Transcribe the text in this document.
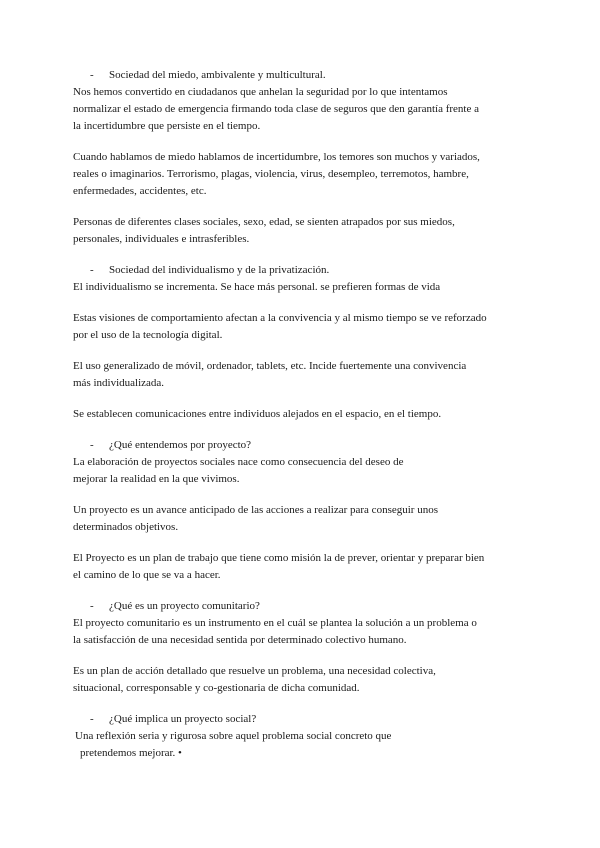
- Sociedad del miedo, ambivalente y multicultural.
Nos hemos convertido en ciudadanos que anhelan la seguridad por lo que intentamos
normalizar el estado de emergencia firmando toda clase de seguros que den garantía frente a
la incertidumbre que persiste en el tiempo.
Cuando hablamos de miedo hablamos de incertidumbre, los temores son muchos y variados,
reales o imaginarios. Terrorismo, plagas, violencia, virus, desempleo, terremotos, hambre,
enfermedades, accidentes, etc.
Personas de diferentes clases sociales, sexo, edad, se sienten atrapados por sus miedos,
personales, individuales e intrasferibles.
- Sociedad del individualismo y de la privatización.
El individualismo se incrementa. Se hace más personal. se prefieren formas de vida
Estas visiones de comportamiento afectan a la convivencia y al mismo tiempo se ve reforzado
por el uso de la tecnología digital.
El uso generalizado de móvil, ordenador, tablets, etc. Incide fuertemente una convivencia
más individualizada.
Se establecen comunicaciones entre individuos alejados en el espacio, en el tiempo.
- ¿Qué entendemos por proyecto?
La elaboración de proyectos sociales nace como consecuencia del deseo de
mejorar la realidad en la que vivimos.
Un proyecto es un avance anticipado de las acciones a realizar para conseguir unos
determinados objetivos.
El Proyecto es un plan de trabajo que tiene como misión la de prever, orientar y preparar bien
el camino de lo que se va a hacer.
- ¿Qué es un proyecto comunitario?
El proyecto comunitario es un instrumento en el cuál se plantea la solución a un problema o
la satisfacción de una necesidad sentida por determinado colectivo humano.
Es un plan de acción detallado que resuelve un problema, una necesidad colectiva,
situacional, corresponsable y co-gestionaria de dicha comunidad.
- ¿Qué implica un proyecto social?
Una reflexión seria y rigurosa sobre aquel problema social concreto que
pretendemos mejorar. •
